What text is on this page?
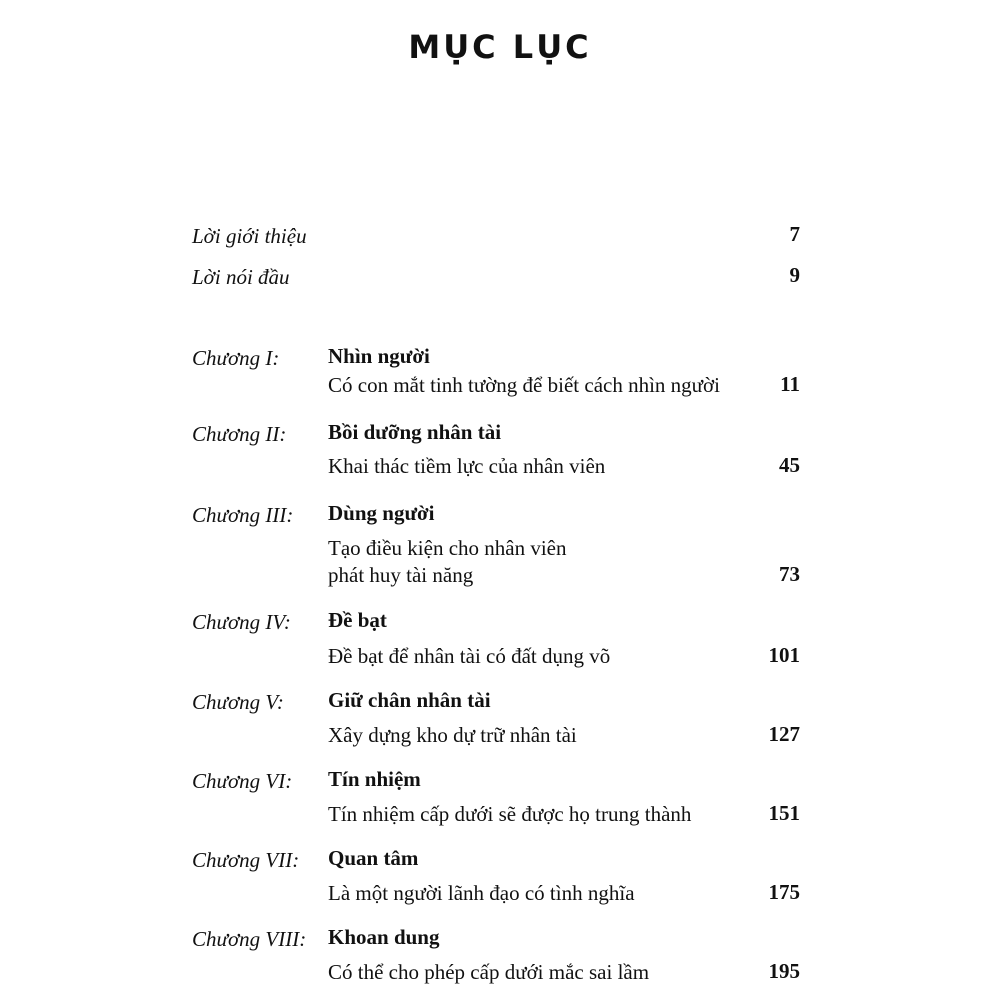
MỤC LỤC
Lời giới thiệu	7
Lời nói đầu	9
Chương I: Nhìn người
Có con mắt tinh tường để biết cách nhìn người	11
Chương II: Bồi dưỡng nhân tài
Khai thác tiềm lực của nhân viên	45
Chương III: Dùng người
Tạo điều kiện cho nhân viên
phát huy tài năng	73
Chương IV: Đề bạt
Đề bạt để nhân tài có đất dụng võ	101
Chương V: Giữ chân nhân tài
Xây dựng kho dự trữ nhân tài	127
Chương VI: Tín nhiệm
Tín nhiệm cấp dưới sẽ được họ trung thành	151
Chương VII: Quan tâm
Là một người lãnh đạo có tình nghĩa	175
Chương VIII: Khoan dung
Có thể cho phép cấp dưới mắc sai lầm	195
